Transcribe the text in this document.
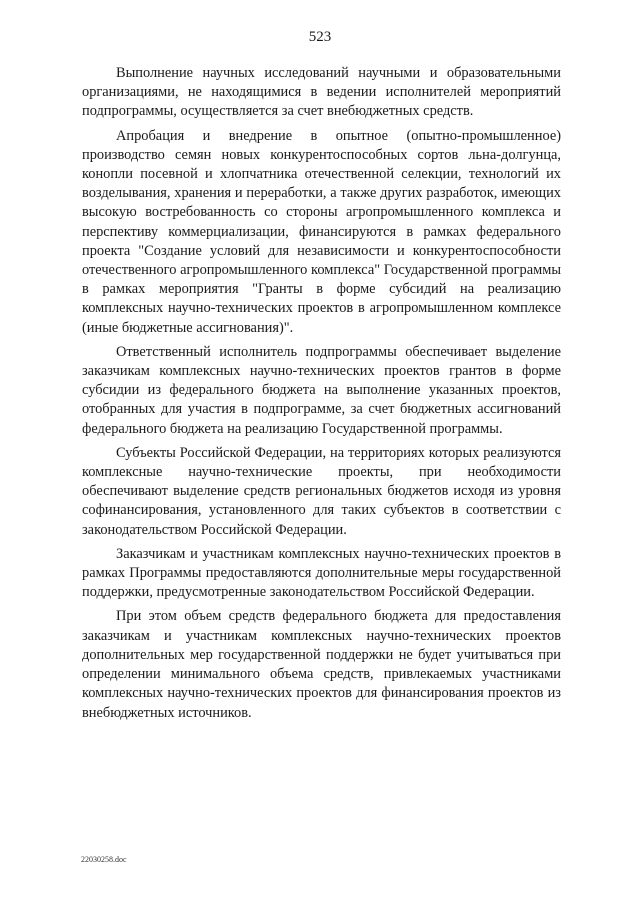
523

Выполнение научных исследований научными и образовательными организациями, не находящимися в ведении исполнителей мероприятий подпрограммы, осуществляется за счет внебюджетных средств.

Апробация и внедрение в опытное (опытно-промышленное) производство семян новых конкурентоспособных сортов льна-долгунца, конопли посевной и хлопчатника отечественной селекции, технологий их возделывания, хранения и переработки, а также других разработок, имеющих высокую востребованность со стороны агропромышленного комплекса и перспективу коммерциализации, финансируются в рамках федерального проекта "Создание условий для независимости и конкурентоспособности отечественного агропромышленного комплекса" Государственной программы в рамках мероприятия "Гранты в форме субсидий на реализацию комплексных научно-технических проектов в агропромышленном комплексе (иные бюджетные ассигнования)".

Ответственный исполнитель подпрограммы обеспечивает выделение заказчикам комплексных научно-технических проектов грантов в форме субсидии из федерального бюджета на выполнение указанных проектов, отобранных для участия в подпрограмме, за счет бюджетных ассигнований федерального бюджета на реализацию Государственной программы.

Субъекты Российской Федерации, на территориях которых реализуются комплексные научно-технические проекты, при необходимости обеспечивают выделение средств региональных бюджетов исходя из уровня софинансирования, установленного для таких субъектов в соответствии с законодательством Российской Федерации.

Заказчикам и участникам комплексных научно-технических проектов в рамках Программы предоставляются дополнительные меры государственной поддержки, предусмотренные законодательством Российской Федерации.

При этом объем средств федерального бюджета для предоставления заказчикам и участникам комплексных научно-технических проектов дополнительных мер государственной поддержки не будет учитываться при определении минимального объема средств, привлекаемых участниками комплексных научно-технических проектов для финансирования проектов из внебюджетных источников.

22030258.doc
